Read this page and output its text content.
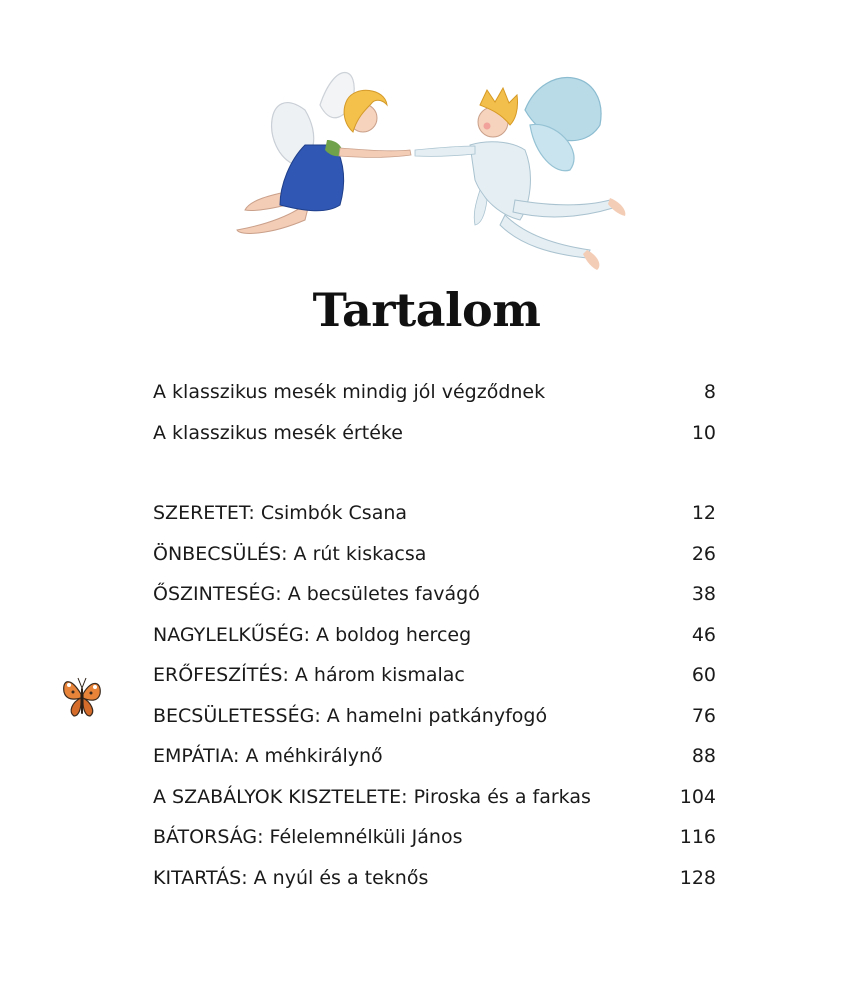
Tartalom
A klasszikus mesék mindig jól végződnek	8
A klasszikus mesék értéke	10
SZERETET: Csimbók Csana	12
ÖNBECSÜLÉS: A rút kiskacsa	26
ŐSZINTESÉG: A becsületes favágó	38
NAGYLELKŰSÉG: A boldog herceg	46
ERŐFESZÍTÉS: A három kismalac	60
BECSÜLETESSÉG: A hamelni patkányfogó	76
EMPÁTIA: A méhkirálynő	88
A SZABÁLYOK KISZTELETE: Piroska és a farkas	104
BÁTORSÁG: Félelemnélküli János	116
KITARTÁS: A nyúl és a teknős	128
